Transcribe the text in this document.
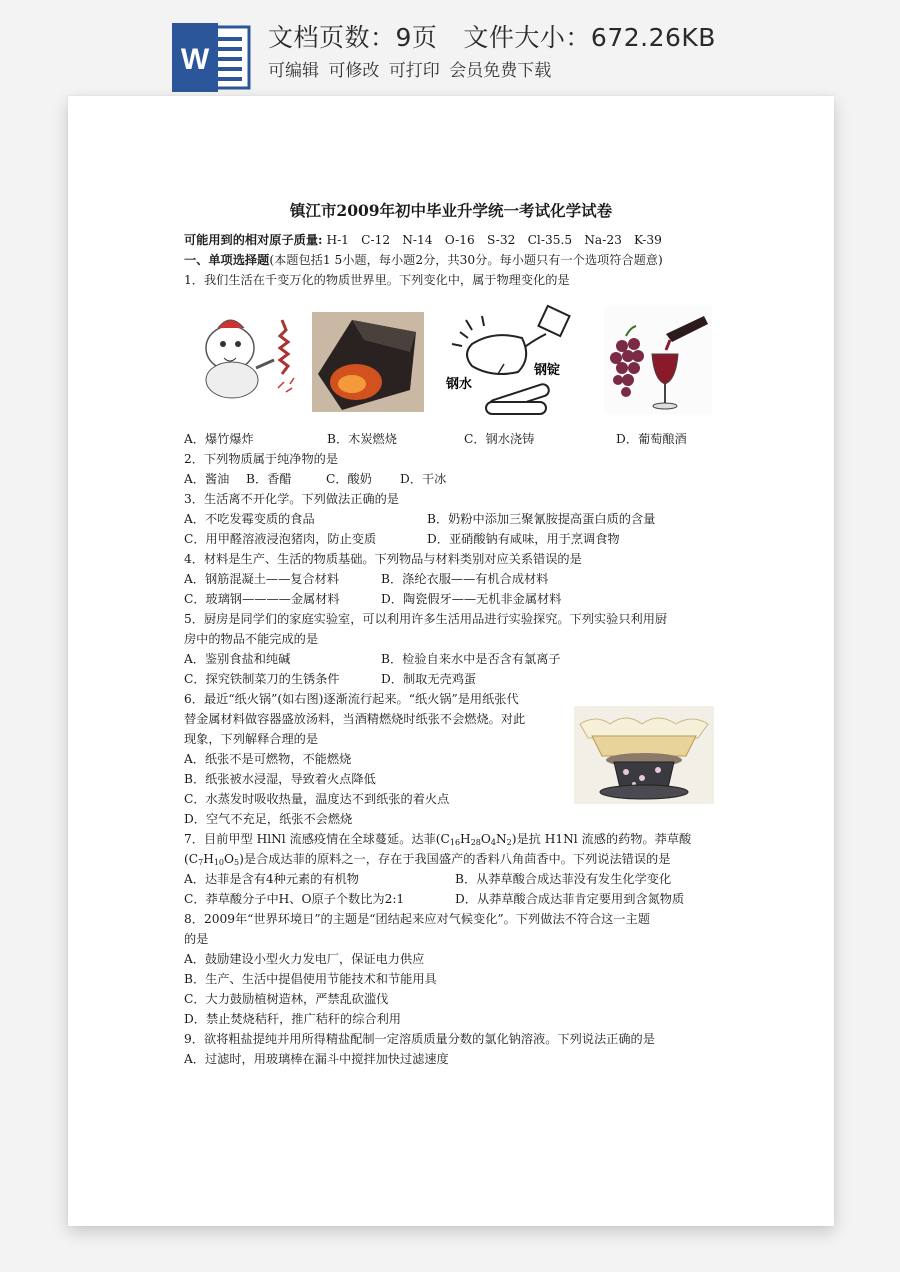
W
文档页数：9页 文件大小：672.26KB
可编辑 可修改 可打印 会员免费下载
镇江市2009年初中毕业升学统一考试化学试卷
可能用到的相对原子质量: H-1　C-12　N-14　O-16　S-32　Cl-35.5　Na-23　K-39
一、单项选择题(本题包括1 5小题，每小题2分，共30分。每小题只有一个选项符合题意)
1．我们生活在千变万化的物质世界里。下列变化中，属于物理变化的是
钢水
钢锭
A．爆竹爆炸	B．木炭燃烧	C．钢水浇铸	D．葡萄酿酒
2．下列物质属于纯净物的是
A．酱油 B．香醋	C．酸奶 D．干冰
3．生活离不开化学。下列做法正确的是
A．不吃发霉变质的食品	B．奶粉中添加三聚氰胺提高蛋白质的含量
C．用甲醛溶液浸泡猪肉，防止变质	D．亚硝酸钠有咸味，用于烹调食物
4．材料是生产、生活的物质基础。下列物品与材料类别对应关系错误的是
A．钢筋混凝土——复合材料	B．涤纶衣服——有机合成材料
C．玻璃钢————金属材料	D．陶瓷假牙——无机非金属材料
5．厨房是同学们的家庭实验室，可以利用许多生活用品进行实验探究。下列实验只利用厨
房中的物品不能完成的是
A．鉴别食盐和纯碱	B．检验自来水中是否含有氯离子
C．探究铁制菜刀的生锈条件	D．制取无壳鸡蛋
6．最近“纸火锅”(如右图)逐渐流行起来。“纸火锅”是用纸张代
替金属材料做容器盛放汤料，当酒精燃烧时纸张不会燃烧。对此
现象，下列解释合理的是
A．纸张不是可燃物，不能燃烧
B．纸张被水浸湿，导致着火点降低
C．水蒸发时吸收热量，温度达不到纸张的着火点
D．空气不充足，纸张不会燃烧
7．目前甲型 HlNl 流感疫情在全球蔓延。达菲$(C_{16}H_{28}O_4N_2)$是抗 H1Nl 流感的药物。莽草酸
$(C_7H_{10}O_5)$是合成达菲的原料之一，存在于我国盛产的香料八角茴香中。下列说法错误的是
A．达菲是含有4种元素的有机物	B．从莽草酸合成达菲没有发生化学变化
C．莽草酸分子中H、O原子个数比为2:1	D．从莽草酸合成达菲肯定要用到含氮物质
8．2009年“世界环境日”的主题是“团结起来应对气候变化”。下列做法不符合这一主题
的是
A．鼓励建设小型火力发电厂，保证电力供应
B．生产、生活中提倡使用节能技术和节能用具
C．大力鼓励植树造林，严禁乱砍滥伐
D．禁止焚烧秸秆，推广秸秆的综合利用
9．欲将粗盐提纯并用所得精盐配制一定溶质质量分数的氯化钠溶液。下列说法正确的是
A．过滤时，用玻璃棒在漏斗中搅拌加快过滤速度
